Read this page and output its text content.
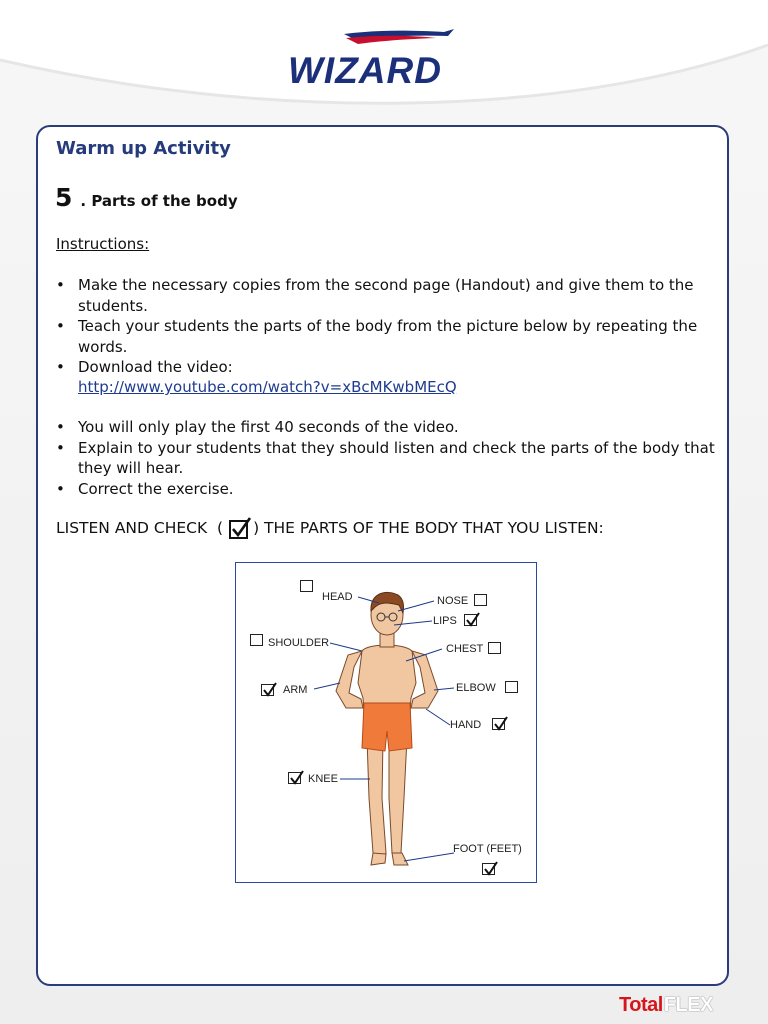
WIZARD
Warm up Activity
5 . Parts of the body
Instructions:
• Make the necessary copies from the second page (Handout) and give them to the students.
• Teach your students the parts of the body from the picture below by repeating the words.
• Download the video:
http://www.youtube.com/watch?v=xBcMKwbMEcQ
• You will only play the first 40 seconds of the video.
• Explain to your students that they should listen and check the parts of the body that they will hear.
• Correct the exercise.
LISTEN AND CHECK  ( ) THE PARTS OF THE BODY THAT YOU LISTEN:
HEAD	NOSE
LIPS
SHOULDER	CHEST
ARM	ELBOW
HAND
KNEE
FOOT (FEET)
Total FLEX
